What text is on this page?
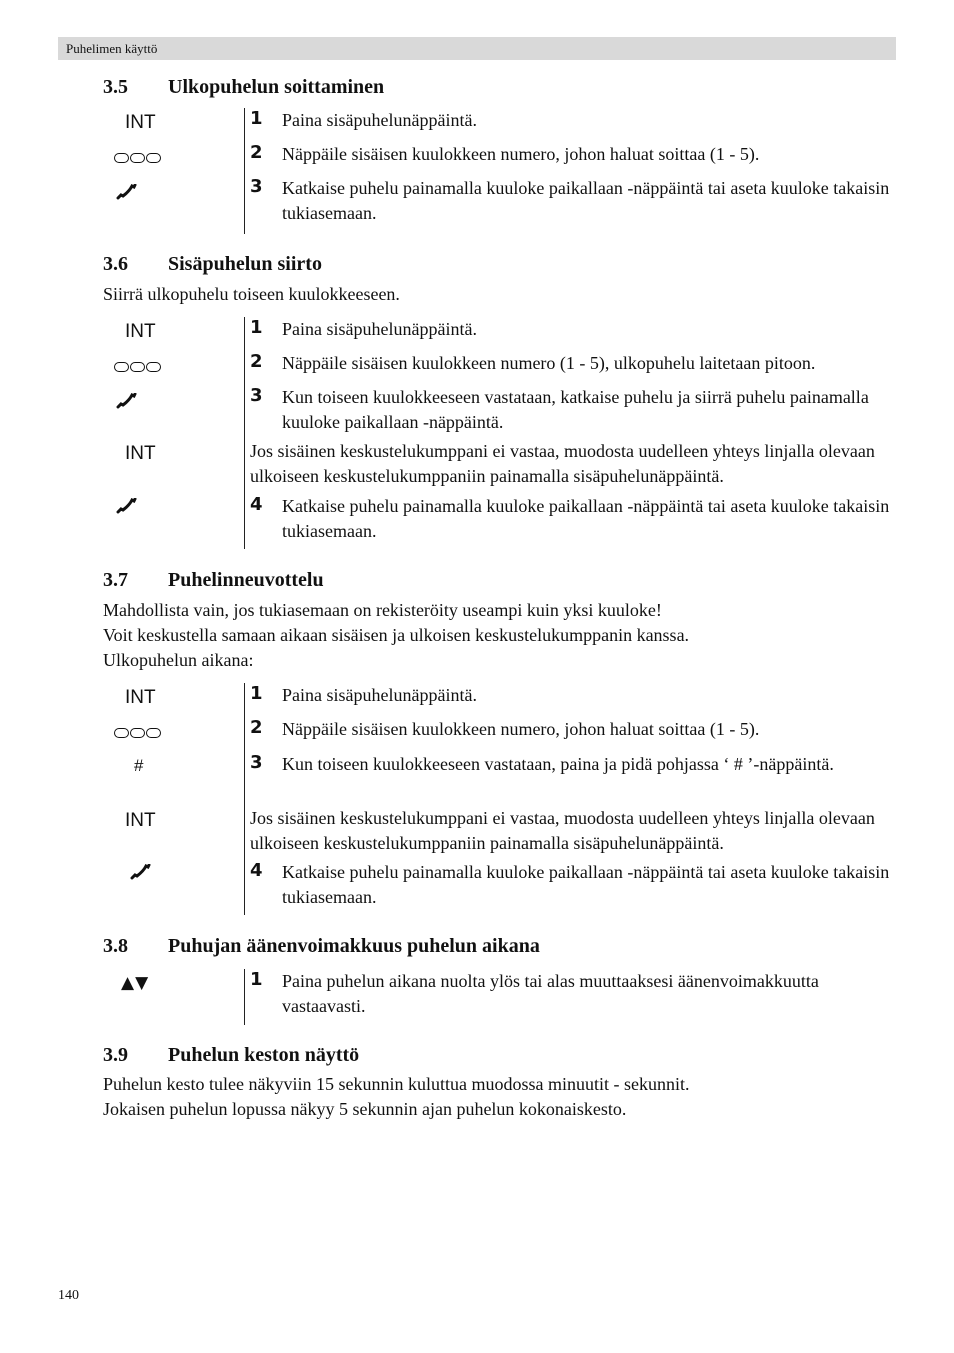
Puhelimen käyttö
3.5	Ulkopuhelun soittaminen
INT	1 Paina sisäpuhelunäppäintä.
2 Näppäile sisäisen kuulokkeen numero, johon haluat soittaa (1 - 5).
3 Katkaise puhelu painamalla kuuloke paikallaan -näppäintä tai aseta kuuloke takaisin tukiasemaan.
3.6	Sisäpuhelun siirto
Siirrä ulkopuhelu toiseen kuulokkeeseen.
INT	1 Paina sisäpuhelunäppäintä.
2 Näppäile sisäisen kuulokkeen numero (1 - 5), ulkopuhelu laitetaan pitoon.
3 Kun toiseen kuulokkeeseen vastataan, katkaise puhelu ja siirrä puhelu painamalla kuuloke paikallaan -näppäintä.
INT	Jos sisäinen keskustelukumppani ei vastaa, muodosta uudelleen yhteys linjalla olevaan ulkoiseen keskustelukumppaniin painamalla sisäpuhelunäppäintä.
4 Katkaise puhelu painamalla kuuloke paikallaan -näppäintä tai aseta kuuloke takaisin tukiasemaan.
3.7	Puhelinneuvottelu
Mahdollista vain, jos tukiasemaan on rekisteröity useampi kuin yksi kuuloke!
Voit keskustella samaan aikaan sisäisen ja ulkoisen keskustelukumppanin kanssa.
Ulkopuhelun aikana:
INT	1 Paina sisäpuhelunäppäintä.
2 Näppäile sisäisen kuulokkeen numero, johon haluat soittaa (1 - 5).
#	3 Kun toiseen kuulokkeeseen vastataan, paina ja pidä pohjassa ‘ # ’-näppäintä.
INT	Jos sisäinen keskustelukumppani ei vastaa, muodosta uudelleen yhteys linjalla olevaan ulkoiseen keskustelukumppaniin painamalla sisäpuhelunäppäintä.
4 Katkaise puhelu painamalla kuuloke paikallaan -näppäintä tai aseta kuuloke takaisin tukiasemaan.
3.8	Puhujan äänenvoimakkuus puhelun aikana
▲▼	1 Paina puhelun aikana nuolta ylös tai alas muuttaaksesi äänenvoimakkuutta vastaavasti.
3.9	Puhelun keston näyttö
Puhelun kesto tulee näkyviin 15 sekunnin kuluttua muodossa minuutit - sekunnit.
Jokaisen puhelun lopussa näkyy 5 sekunnin ajan puhelun kokonaiskesto.
140
